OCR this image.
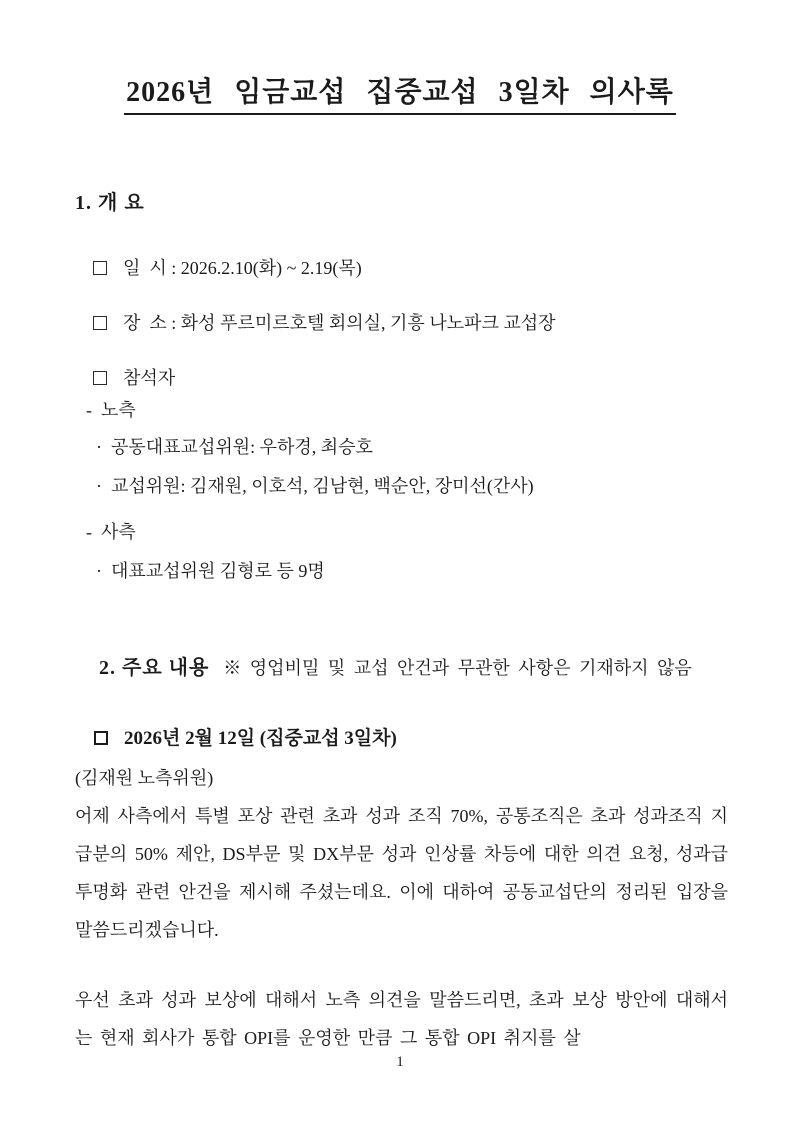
2026년 임금교섭 집중교섭 3일차 의사록
1. 개 요

일  시 : 2026.2.10(화) ~ 2.19(목)

장  소 : 화성 푸르미르호텔 회의실, 기흥 나노파크 교섭장

참석자

- 노측
· 공동대표교섭위원: 우하경, 최승호
· 교섭위원: 김재원, 이호석, 김남현, 백순안, 장미선(간사)
- 사측
· 대표교섭위원 김형로 등 9명

2. 주요 내용 ※ 영업비밀 및 교섭 안건과 무관한 사항은 기재하지 않음

2026년 2월 12일 (집중교섭 3일차)

(김재원 노측위원)

어제 사측에서 특별 포상 관련 초과 성과 조직 70%, 공통조직은 초과 성과조직 지급분의 50% 제안, DS부문 및 DX부문 성과 인상률 차등에 대한 의견 요청, 성과급 투명화 관련 안건을 제시해 주셨는데요. 이에 대하여 공동교섭단의 정리된 입장을 말씀드리겠습니다.

우선 초과 성과 보상에 대해서 노측 의견을 말씀드리면, 초과 보상 방안에 대해서는 현재 회사가 통합 OPI를 운영한 만큼 그 통합 OPI 취지를 살

1
